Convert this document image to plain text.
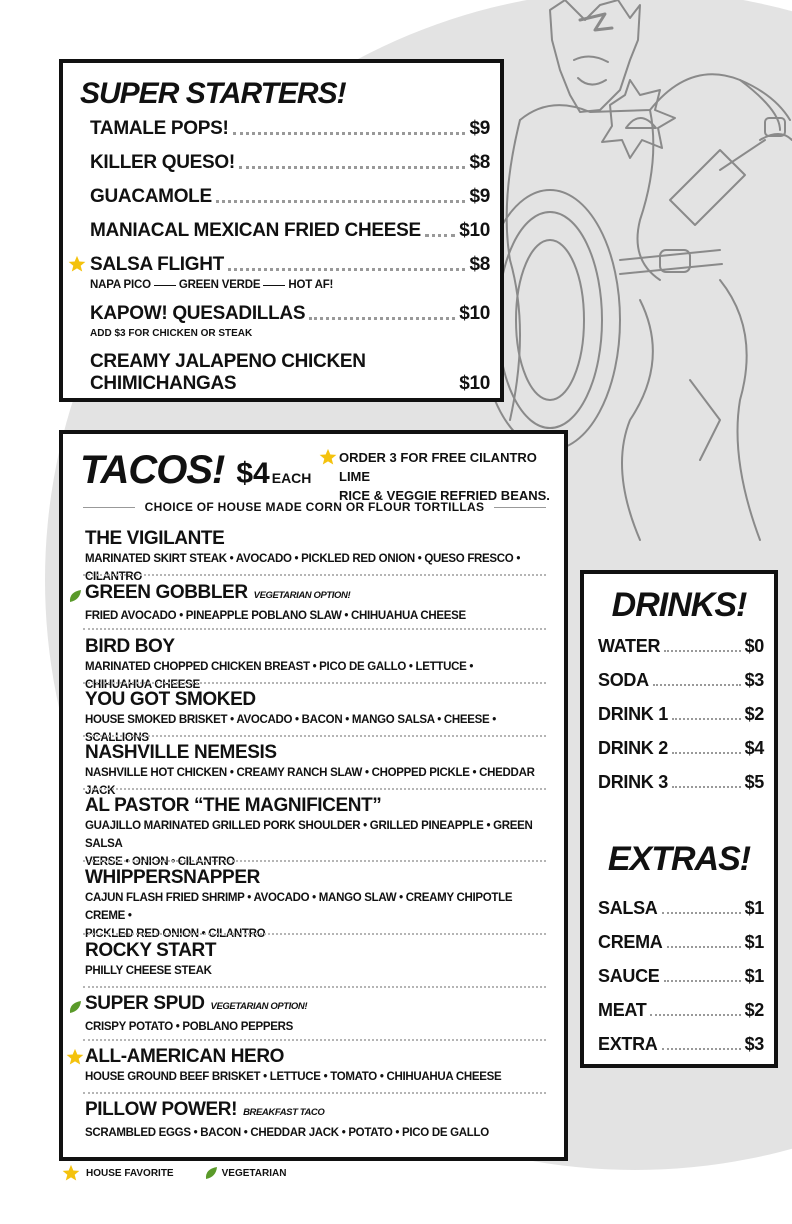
SUPER STARTERS!
TAMALE POPS!	$9
KILLER QUESO!	$8
GUACAMOLE	$9
MANIACAL MEXICAN FRIED CHEESE $10
SALSA FLIGHT	$8
NAPA PICO GREEN VERDE HOT AF!
KAPOW! QUESADILLAS	$10
ADD $3 FOR CHICKEN OR STEAK
CREAMY JALAPENO CHICKEN CHIMICHANGAS	$10
TACOS! $4 EACH
ORDER 3 FOR FREE CILANTRO LIME
RICE & VEGGIE REFRIED BEANS.
CHOICE OF HOUSE MADE CORN OR FLOUR TORTILLAS
THE VIGILANTE
MARINATED SKIRT STEAK • AVOCADO • PICKLED RED ONION • QUESO FRESCO • CILANTRO
GREEN GOBBLER VEGETARIAN OPTION!
FRIED AVOCADO • PINEAPPLE POBLANO SLAW • CHIHUAHUA CHEESE
BIRD BOY
MARINATED CHOPPED CHICKEN BREAST • PICO DE GALLO • LETTUCE • CHIHUAHUA CHEESE
YOU GOT SMOKED
HOUSE SMOKED BRISKET • AVOCADO • BACON • MANGO SALSA • CHEESE • SCALLIONS
NASHVILLE NEMESIS
NASHVILLE HOT CHICKEN • CREAMY RANCH SLAW • CHOPPED PICKLE • CHEDDAR JACK
AL PASTOR “THE MAGNIFICENT”
GUAJILLO MARINATED GRILLED PORK SHOULDER • GRILLED PINEAPPLE • GREEN SALSA
VERSE • ONION • CILANTRO
WHIPPERSNAPPER
CAJUN FLASH FRIED SHRIMP • AVOCADO • MANGO SLAW • CREAMY CHIPOTLE CREME •
PICKLED RED ONION • CILANTRO
ROCKY START
PHILLY CHEESE STEAK
SUPER SPUD VEGETARIAN OPTION!
CRISPY POTATO • POBLANO PEPPERS
ALL-AMERICAN HERO
HOUSE GROUND BEEF BRISKET • LETTUCE • TOMATO • CHIHUAHUA CHEESE
PILLOW POWER! BREAKFAST TACO
SCRAMBLED EGGS • BACON • CHEDDAR JACK • POTATO • PICO DE GALLO
DRINKS!
WATER	$0
SODA	$3
DRINK 1	$2
DRINK 2	$4
DRINK 3	$5
EXTRAS!
SALSA	$1
CREMA	$1
SAUCE	$1
MEAT	$2
EXTRA	$3
HOUSE FAVORITE	VEGETARIAN
